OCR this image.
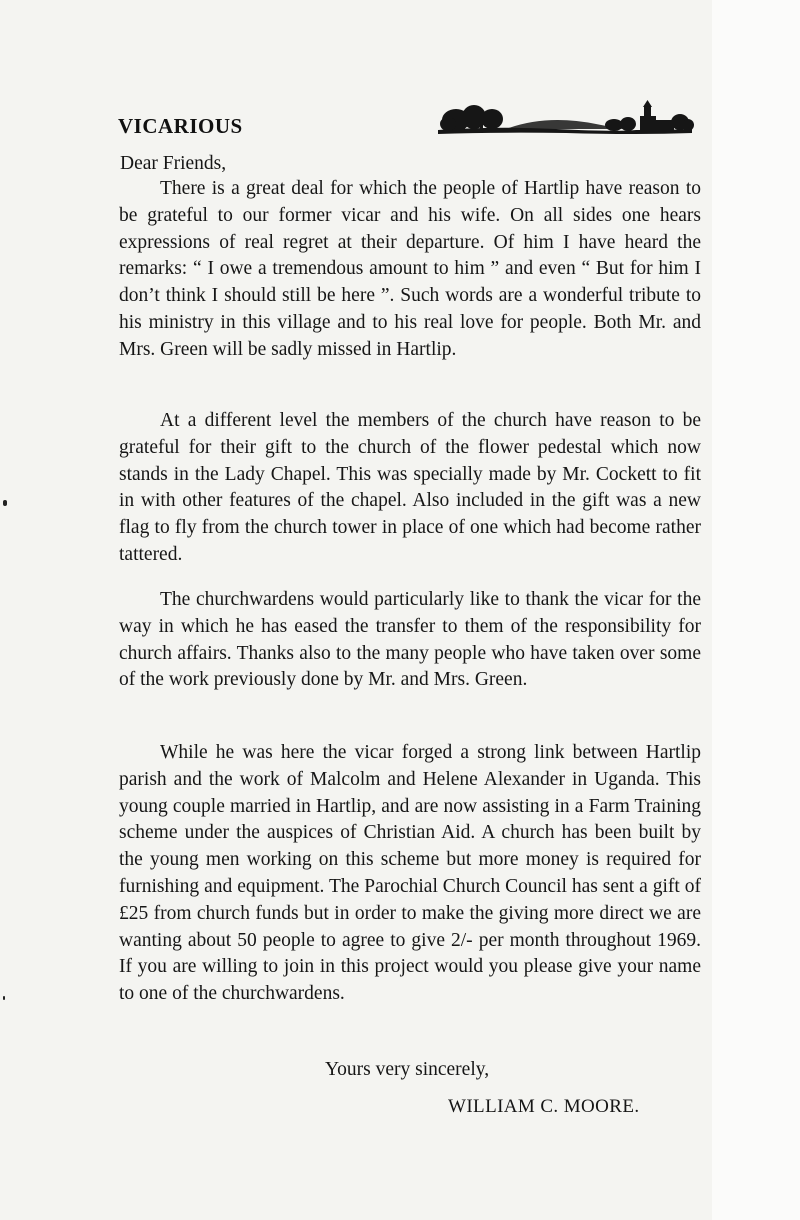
VICARIOUS
Dear Friends,

There is a great deal for which the people of Hartlip have reason to be grateful to our former vicar and his wife. On all sides one hears expressions of real regret at their departure. Of him I have heard the remarks: “ I owe a tremendous amount to him ” and even “ But for him I don’t think I should still be here ”. Such words are a wonderful tribute to his ministry in this village and to his real love for people. Both Mr. and Mrs. Green will be sadly missed in Hartlip.

At a different level the members of the church have reason to be grateful for their gift to the church of the flower pedestal which now stands in the Lady Chapel. This was specially made by Mr. Cockett to fit in with other features of the chapel. Also included in the gift was a new flag to fly from the church tower in place of one which had become rather tattered.

The churchwardens would particularly like to thank the vicar for the way in which he has eased the transfer to them of the responsibility for church affairs. Thanks also to the many people who have taken over some of the work previously done by Mr. and Mrs. Green.

While he was here the vicar forged a strong link between Hartlip parish and the work of Malcolm and Helene Alexander in Uganda. This young couple married in Hartlip, and are now assisting in a Farm Training scheme under the auspices of Christian Aid. A church has been built by the young men working on this scheme but more money is required for furnishing and equipment. The Parochial Church Council has sent a gift of £25 from church funds but in order to make the giving more direct we are wanting about 50 people to agree to give 2/- per month throughout 1969. If you are willing to join in this project would you please give your name to one of the churchwardens.

Yours very sincerely,
WILLIAM C. MOORE.
